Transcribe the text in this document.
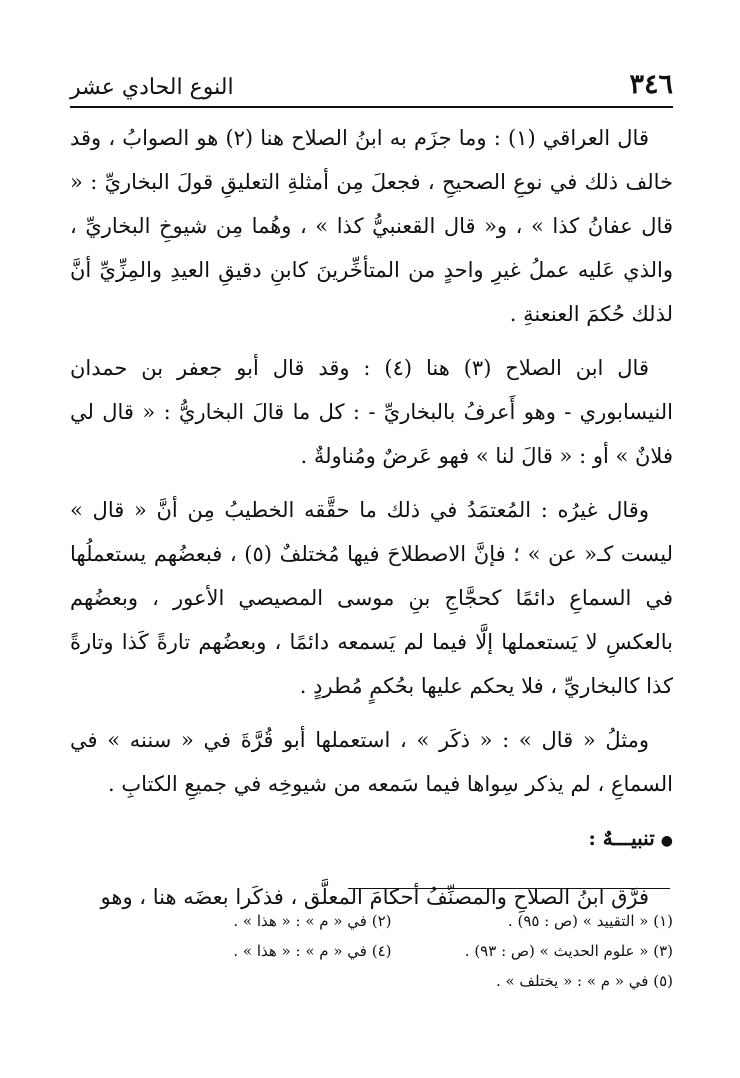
٣٤٦
النوع الحادي عشر

قال العراقي (١) : وما جزَم به ابنُ الصلاح هنا (٢) هو الصوابُ ، وقد خالف ذلك في نوعِ الصحيحِ ، فجعلَ مِن أمثلةِ التعليقِ قولَ البخاريِّ : « قال عفانُ كذا » ، و« قال القعنبيُّ كذا » ، وهُما مِن شيوخِ البخاريِّ ، والذي عَليه عملُ غيرِ واحدٍ من المتأخِّرينَ كابنِ دقيقِ العيدِ والمِزِّيِّ أنَّ لذلك حُكمَ العنعنةِ .

قال ابن الصلاح (٣) هنا (٤) : وقد قال أبو جعفر بن حمدان النيسابوري - وهو أَعرفُ بالبخاريِّ - : كل ما قالَ البخاريُّ : « قال لي فلانٌ » أو : « قالَ لنا » فهو عَرضٌ ومُناولةٌ .

وقال غيرُه : المُعتمَدُ في ذلك ما حقَّقه الخطيبُ مِن أنَّ « قال » ليست كـ« عن » ؛ فإنَّ الاصطلاحَ فيها مُختلفٌ (٥) ، فبعضُهم يستعملُها في السماعِ دائمًا كحجَّاجِ بنِ موسى المصيصي الأعور ، وبعضُهم بالعكسِ لا يَستعملها إلَّا فيما لم يَسمعه دائمًا ، وبعضُهم تارةً كَذا وتارةً كذا كالبخاريِّ ، فلا يحكم عليها بحُكمٍ مُطردٍ .

ومثلُ « قال » : « ذكَر » ، استعملها أبو قُرَّةَ في « سننه » في السماعِ ، لم يذكر سِواها فيما سَمعه من شيوخِه في جميعِ الكتابِ .

●تنبيـــهٌ :

فرَّق ابنُ الصلاحِ والمصنِّفُ أحكامَ المعلَّق ، فذكَرا بعضَه هنا ، وهو

(١) « التقييد » (ص : ٩٥) .
(٢) في « م » : « هذا » .
(٣) « علوم الحديث » (ص : ٩٣) .
(٤) في « م » : « هذا » .
(٥) في « م » : « يختلف » .
